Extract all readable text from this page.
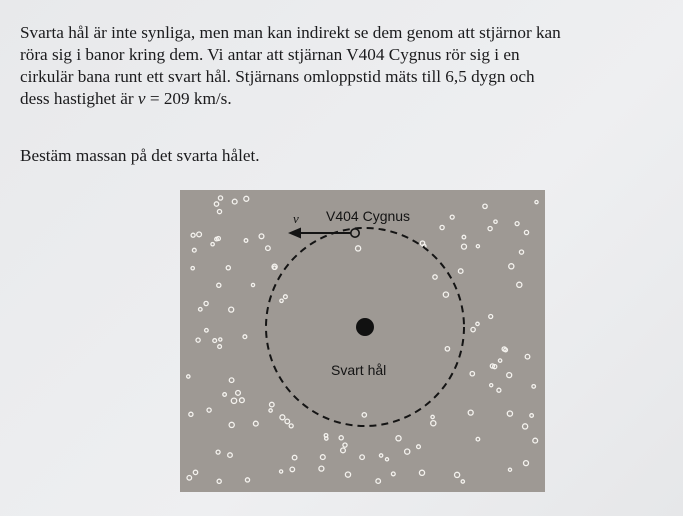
Svarta hål är inte synliga, men man kan indirekt se dem genom att stjärnor kan
röra sig i banor kring dem. Vi antar att stjärnan V404 Cygnus rör sig i en
cirkulär bana runt ett svart hål. Stjärnans omloppstid mäts till 6,5 dygn och
dess hastighet är v = 209 km/s.

Bestäm massan på det svarta hålet.

v V404 Cygnus
Svart hål
